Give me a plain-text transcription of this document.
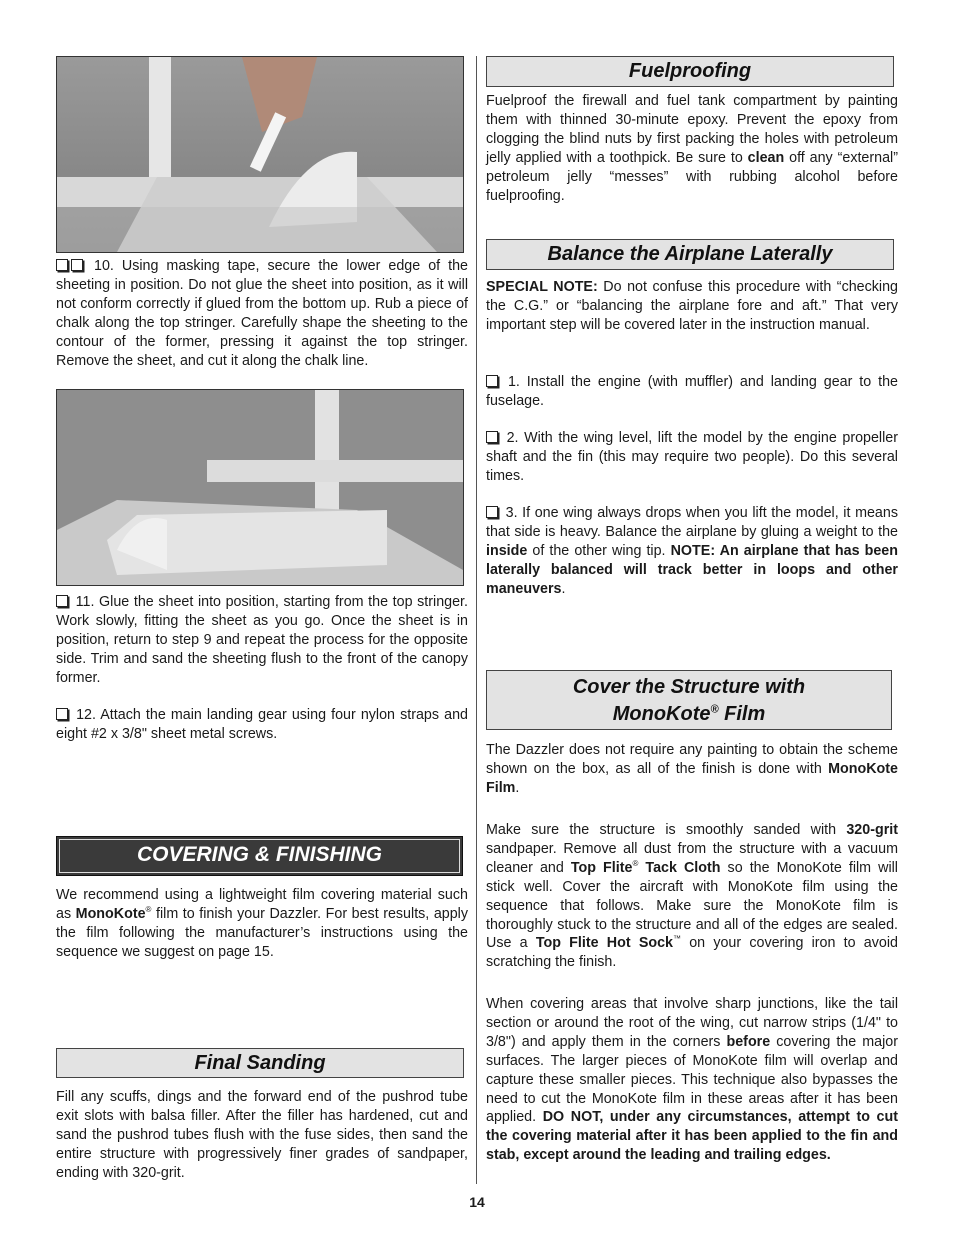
10. Using masking tape, secure the lower edge of the sheeting in position. Do not glue the sheet into position, as it will not conform correctly if glued from the bottom up. Rub a piece of chalk along the top stringer. Carefully shape the sheeting to the contour of the former, pressing it against the top stringer. Remove the sheet, and cut it along the chalk line.

11. Glue the sheet into position, starting from the top stringer. Work slowly, fitting the sheet as you go. Once the sheet is in position, return to step 9 and repeat the process for the opposite side. Trim and sand the sheeting flush to the front of the canopy former.

12. Attach the main landing gear using four nylon straps and eight #2 x 3/8" sheet metal screws.

COVERING & FINISHING

We recommend using a lightweight film covering material such as MonoKote® film to finish your Dazzler. For best results, apply the film following the manufacturer’s instructions using the sequence we suggest on page 15.

Final Sanding

Fill any scuffs, dings and the forward end of the pushrod tube exit slots with balsa filler. After the filler has hardened, cut and sand the pushrod tubes flush with the fuse sides, then sand the entire structure with progressively finer grades of sandpaper, ending with 320-grit.

Fuelproofing

Fuelproof the firewall and fuel tank compartment by painting them with thinned 30-minute epoxy. Prevent the epoxy from clogging the blind nuts by first packing the holes with petroleum jelly applied with a toothpick. Be sure to clean off any “external” petroleum jelly “messes” with rubbing alcohol before fuelproofing.

Balance the Airplane Laterally

SPECIAL NOTE: Do not confuse this procedure with “checking the C.G.” or “balancing the airplane fore and aft.” That very important step will be covered later in the instruction manual.

1. Install the engine (with muffler) and landing gear to the fuselage.

2. With the wing level, lift the model by the engine propeller shaft and the fin (this may require two people). Do this several times.

3. If one wing always drops when you lift the model, it means that side is heavy. Balance the airplane by gluing a weight to the inside of the other wing tip. NOTE: An airplane that has been laterally balanced will track better in loops and other maneuvers.

Cover the Structure with
MonoKote® Film

The Dazzler does not require any painting to obtain the scheme shown on the box, as all of the finish is done with MonoKote Film.

Make sure the structure is smoothly sanded with 320-grit sandpaper. Remove all dust from the structure with a vacuum cleaner and Top Flite® Tack Cloth so the MonoKote film will stick well. Cover the aircraft with MonoKote film using the sequence that follows. Make sure the MonoKote film is thoroughly stuck to the structure and all of the edges are sealed. Use a Top Flite Hot Sock™ on your covering iron to avoid scratching the finish.

When covering areas that involve sharp junctions, like the tail section or around the root of the wing, cut narrow strips (1/4" to 3/8") and apply them in the corners before covering the major surfaces. The larger pieces of MonoKote film will overlap and capture these smaller pieces. This technique also bypasses the need to cut the MonoKote film in these areas after it has been applied. DO NOT, under any circumstances, attempt to cut the covering material after it has been applied to the fin and stab, except around the leading and trailing edges.

14
